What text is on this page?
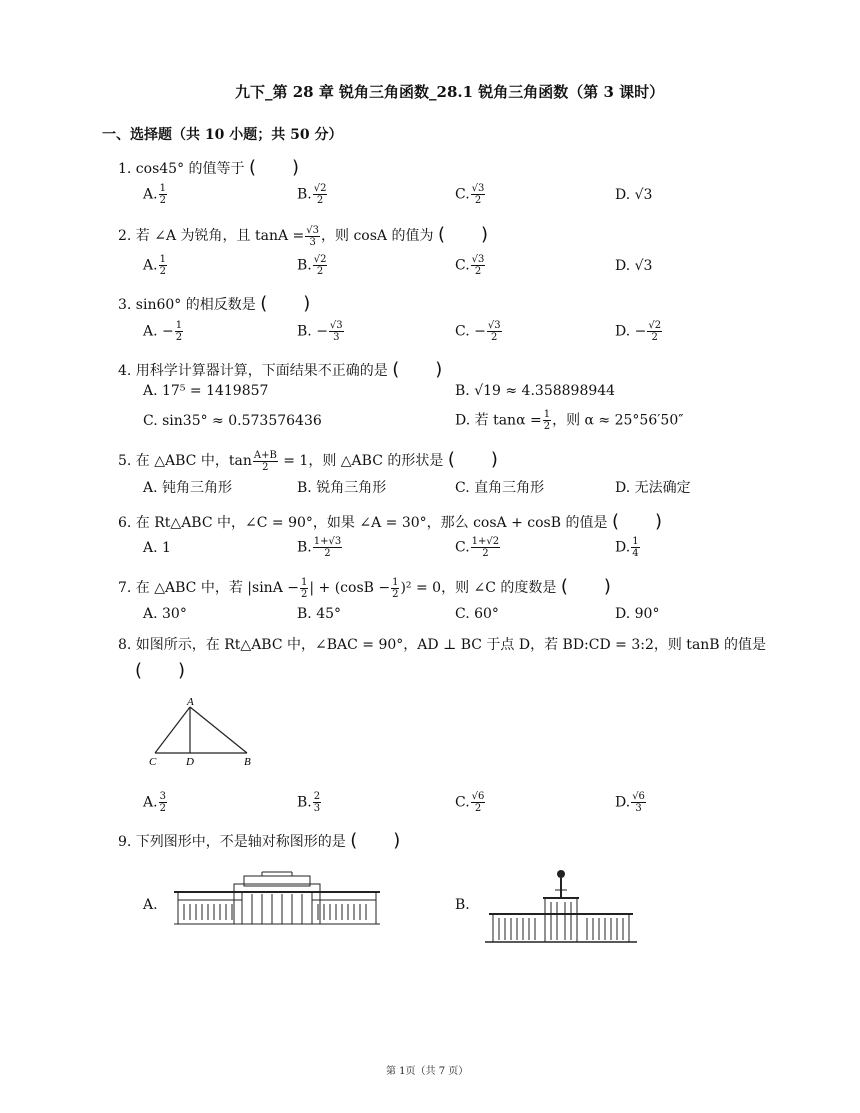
九下_第 28 章 锐角三角函数_28.1 锐角三角函数（第 3 课时）
一、选择题（共 10 小题；共 50 分）
1. cos45° 的值等于 (　　)
A. $\frac{1}{2}$	B. $\frac{√2}{2}$	C. $\frac{√3}{2}$	D. √3
2. 若 ∠A 为锐角，且 $\tan A = \frac{√3}{3}$ ，则 cosA 的值为 (　　)
A. $\frac{1}{2}$	B. $\frac{√2}{2}$	C. $\frac{√3}{2}$	D. √3
3. sin60° 的相反数是 (　　)
A. − $\frac{1}{2}$	B. − $\frac{√3}{3}$	C. − $\frac{√3}{2}$	D. − $\frac{√2}{2}$
4. 用科学计算器计算，下面结果不正确的是 (　　)
A. 17⁵ = 1419857	B. √19 ≈ 4.358898944
C. sin35° ≈ 0.573576436	D. 若 $\tan\alpha = \frac{1}{2}$ ，则 α ≈ 25°56′50″
5. 在 △ABC 中，$\tan \frac{A+B}{2} = 1$，则 △ABC 的形状是 (　　)
A. 钝角三角形	B. 锐角三角形	C. 直角三角形	D. 无法确定
6. 在 Rt△ABC 中，∠C = 90°，如果 ∠A = 30°，那么 cosA + cosB 的值是 (　　)
A. 1	B. $\frac{1+√3}{2}$	C. $\frac{1+√2}{2}$	D. $\frac{1}{4}$
7. 在 △ABC 中，若 $|\sin A - \frac{1}{2}$ | + $(\cos B - \frac{1}{2} )^2 = 0$，则 ∠C 的度数是 (　　)
A. 30°	B. 45°	C. 60°	D. 90°
8. 如图所示，在 Rt△ABC 中，∠BAC = 90°，AD ⊥ BC 于点 D，若 BD:CD = 3:2，则 tanB 的值是
(　　)
A
C	D	B
A. $\frac{3}{2}$	B. $\frac{2}{3}$	C. $\frac{√6}{2}$	D. $\frac{√6}{3}$
9. 下列图形中，不是轴对称图形的是 (　　)
A.	B.
第 1页（共 7 页）
